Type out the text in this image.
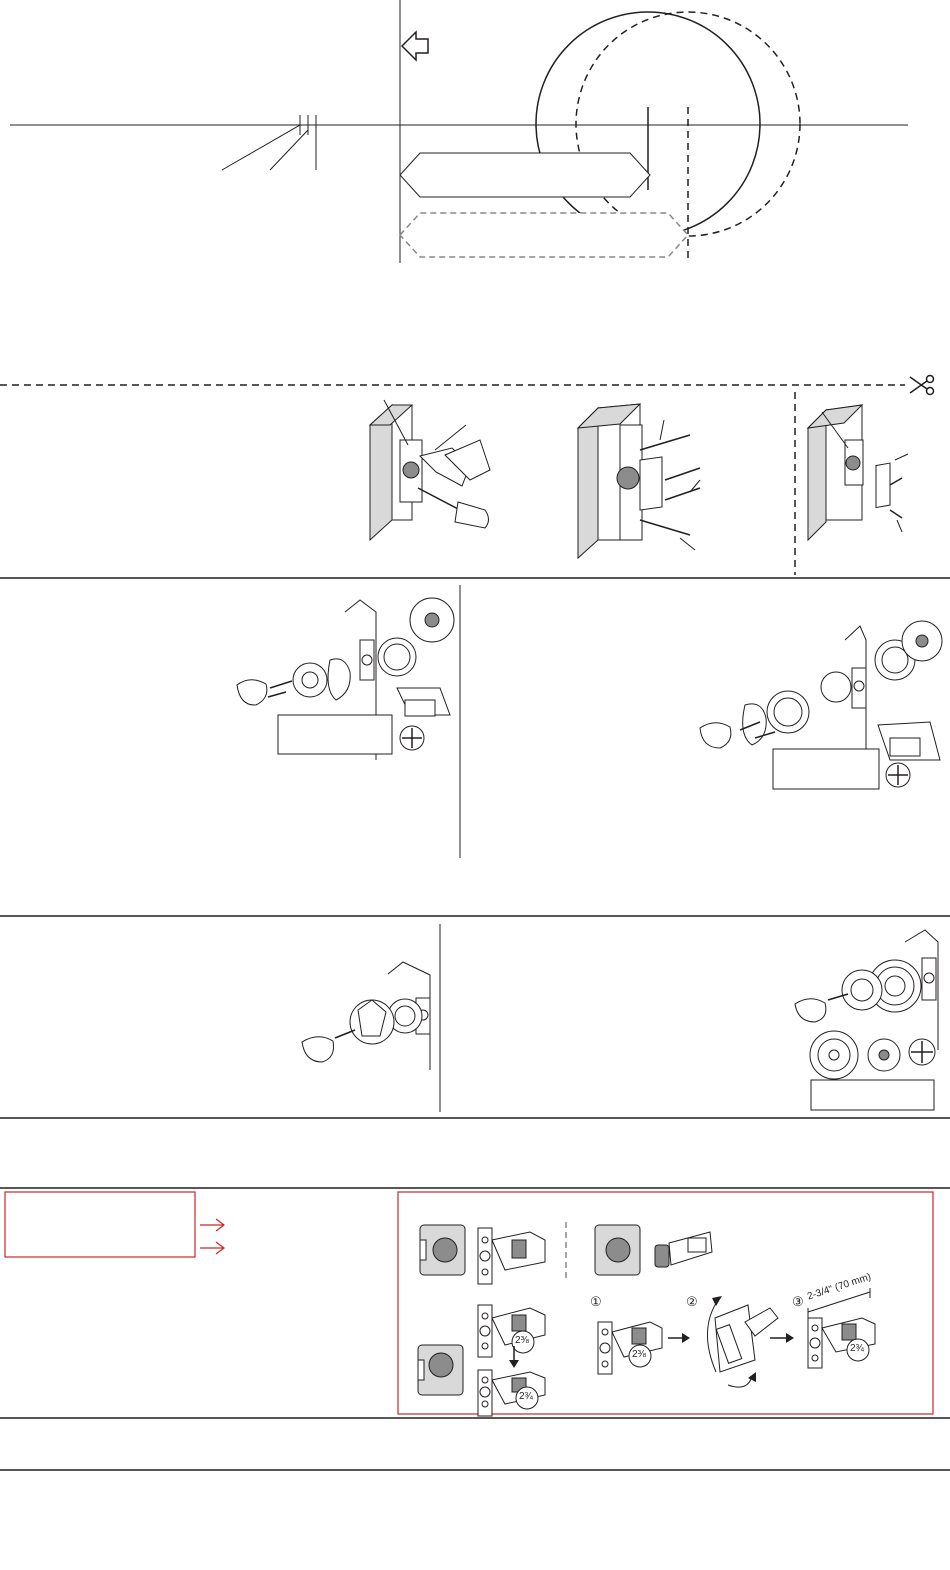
①	②	③
2⅜
2¾
2⅜
2¾
2-3/4" (70 mm)
